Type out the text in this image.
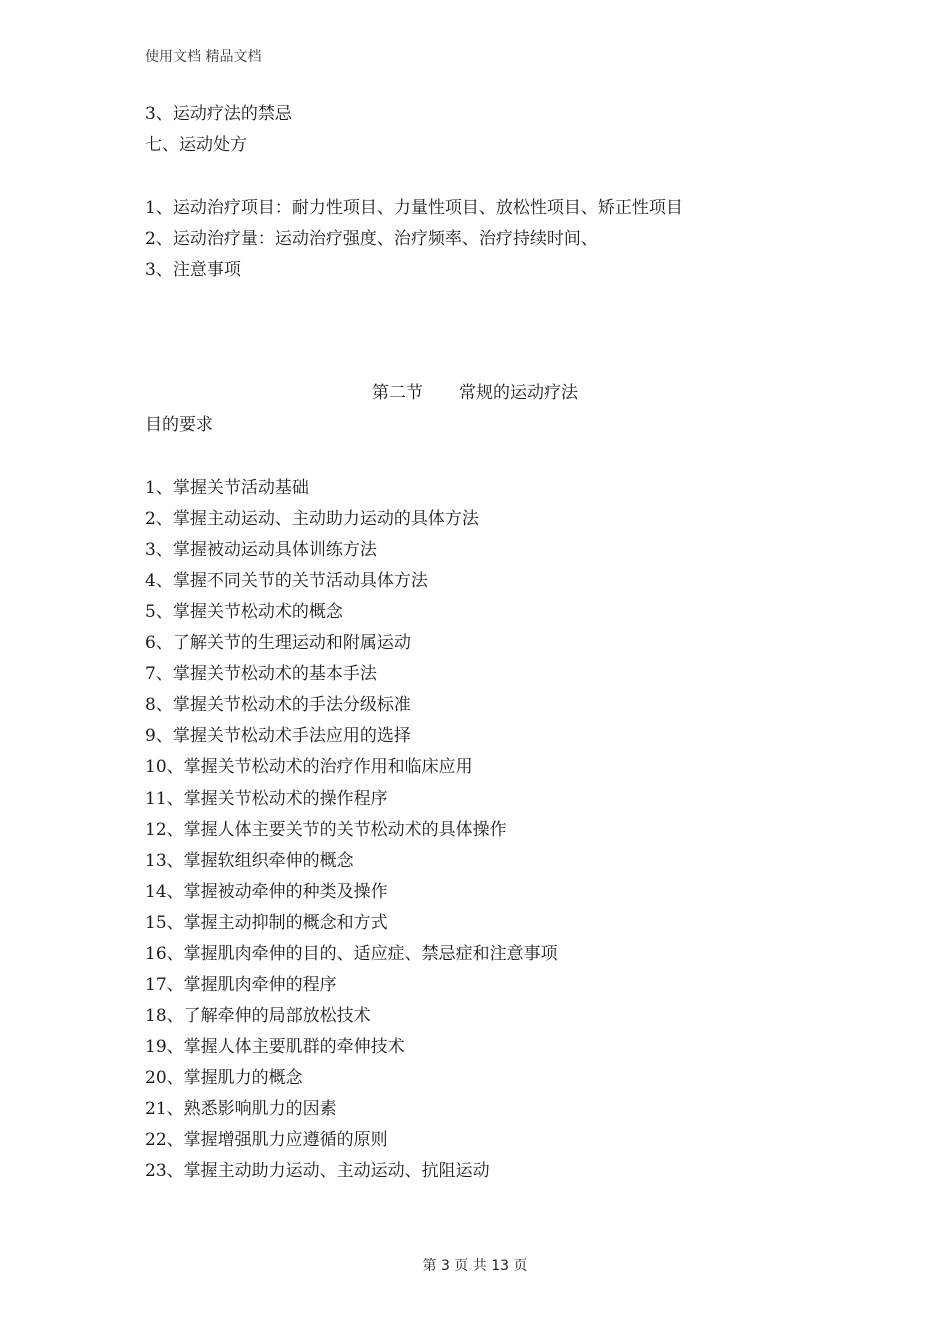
使用文档 精品文档
3、运动疗法的禁忌
七、运动处方
1、运动治疗项目：耐力性项目、力量性项目、放松性项目、矫正性项目
2、运动治疗量：运动治疗强度、治疗频率、治疗持续时间、
3、注意事项
第二节 常规的运动疗法
目的要求
1、掌握关节活动基础
2、掌握主动运动、主动助力运动的具体方法
3、掌握被动运动具体训练方法
4、掌握不同关节的关节活动具体方法
5、掌握关节松动术的概念
6、了解关节的生理运动和附属运动
7、掌握关节松动术的基本手法
8、掌握关节松动术的手法分级标准
9、掌握关节松动术手法应用的选择
10、掌握关节松动术的治疗作用和临床应用
11、掌握关节松动术的操作程序
12、掌握人体主要关节的关节松动术的具体操作
13、掌握软组织牵伸的概念
14、掌握被动牵伸的种类及操作
15、掌握主动抑制的概念和方式
16、掌握肌肉牵伸的目的、适应症、禁忌症和注意事项
17、掌握肌肉牵伸的程序
18、了解牵伸的局部放松技术
19、掌握人体主要肌群的牵伸技术
20、掌握肌力的概念
21、熟悉影响肌力的因素
22、掌握增强肌力应遵循的原则
23、掌握主动助力运动、主动运动、抗阻运动
第 3 页 共 13 页
